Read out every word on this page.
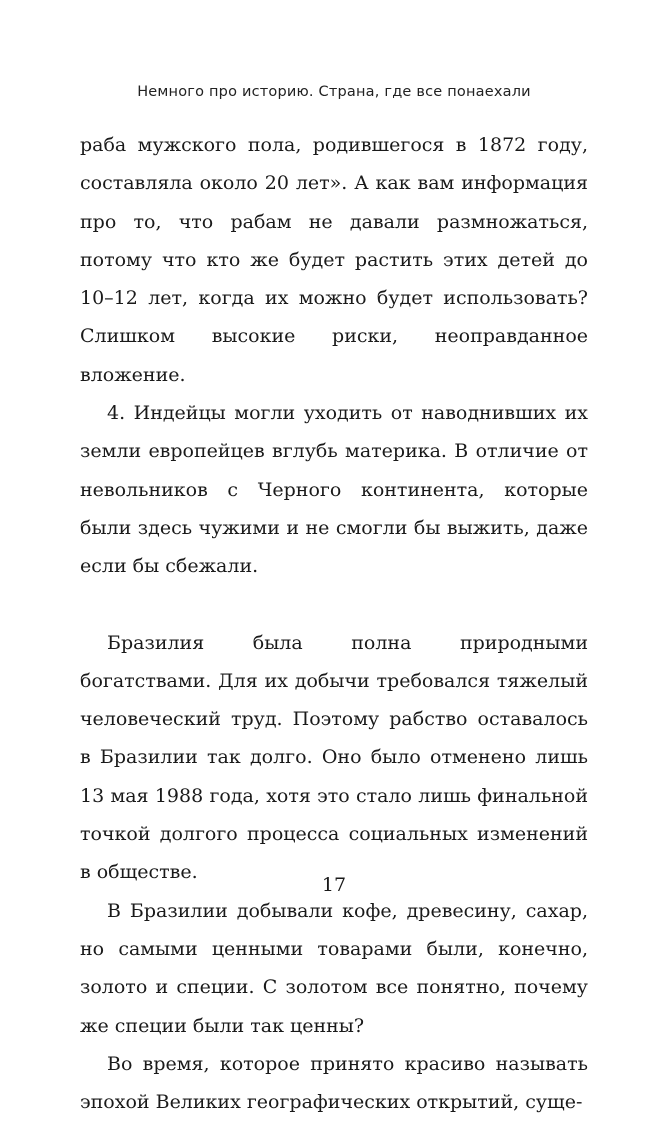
Немного про историю. Страна, где все понаехали

раба мужского пола, родившегося в 1872 году, составляла около 20 лет». А как вам информация про то, что рабам не давали размножаться, потому что кто же будет растить этих детей до 10–12 лет, когда их можно будет использовать? Слишком высокие риски, неоправданное вложение.

4. Индейцы могли уходить от наводнивших их земли европейцев вглубь материка. В отличие от невольников с Черного континента, которые были здесь чужими и не смогли бы выжить, даже если бы сбежали.

Бразилия была полна природными богатствами. Для их добычи требовался тяжелый человеческий труд. Поэтому рабство оставалось в Бразилии так долго. Оно было отменено лишь 13 мая 1988 года, хотя это стало лишь финальной точкой долгого процесса социальных изменений в обществе.

В Бразилии добывали кофе, древесину, сахар, но самыми ценными товарами были, конечно, золото и специи. С золотом все понятно, почему же специи были так ценны?

Во время, которое принято красиво называть эпохой Великих географических открытий, суще-

17
